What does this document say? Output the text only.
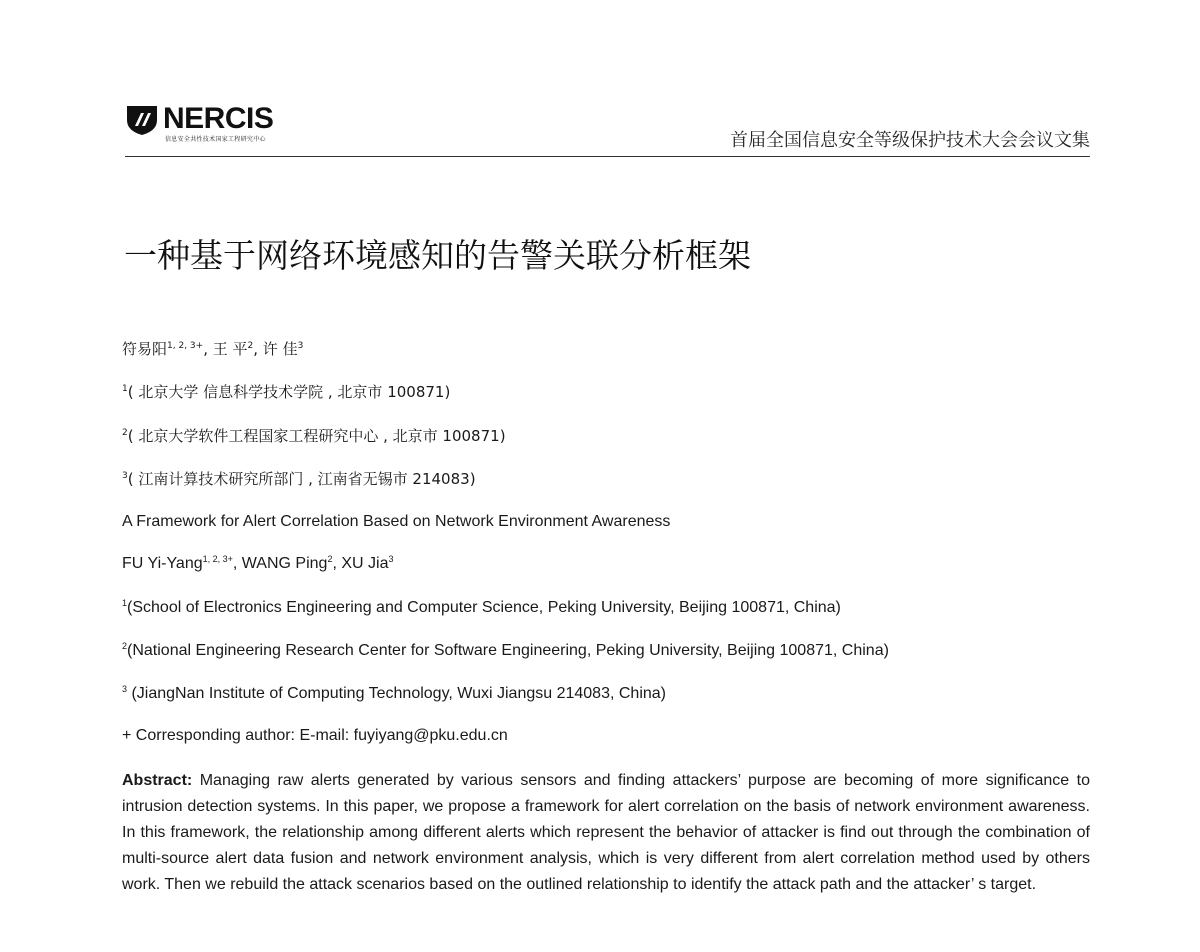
NERCIS
信息安全共性技术国家工程研究中心	首届全国信息安全等级保护技术大会会议文集
一种基于网络环境感知的告警关联分析框架
符易阳$^{1, 2, 3+}$, 王 平$^2$, 许 佳$^3$
$^1$( 北京大学 信息科学技术学院 , 北京市 100871)
$^2$( 北京大学软件工程国家工程研究中心 , 北京市 100871)
$^3$( 江南计算技术研究所部门 , 江南省无锡市 214083)
A Framework for Alert Correlation Based on Network Environment Awareness
FU Yi-Yang$^{1, 2, 3+}$, WANG Ping$^2$, XU Jia$^3$
$^1$(School of Electronics Engineering and Computer Science, Peking University, Beijing 100871, China)
$^2$(National Engineering Research Center for Software Engineering, Peking University, Beijing 100871, China)
$^3$ (JiangNan Institute of Computing Technology, Wuxi Jiangsu 214083, China)
+ Corresponding author: E-mail: fuyiyang@pku.edu.cn
Abstract: Managing raw alerts generated by various sensors and finding attackers’ purpose are becoming of more significance to intrusion detection systems. In this paper, we propose a framework for alert correlation on the basis of network environment awareness. In this framework, the relationship among different alerts which represent the behavior of attacker is find out through the combination of multi-source alert data fusion and network environment analysis, which is very different from alert correlation method used by others work. Then we rebuild the attack scenarios based on the outlined relationship to identify the attack path and the attacker’ s target.
